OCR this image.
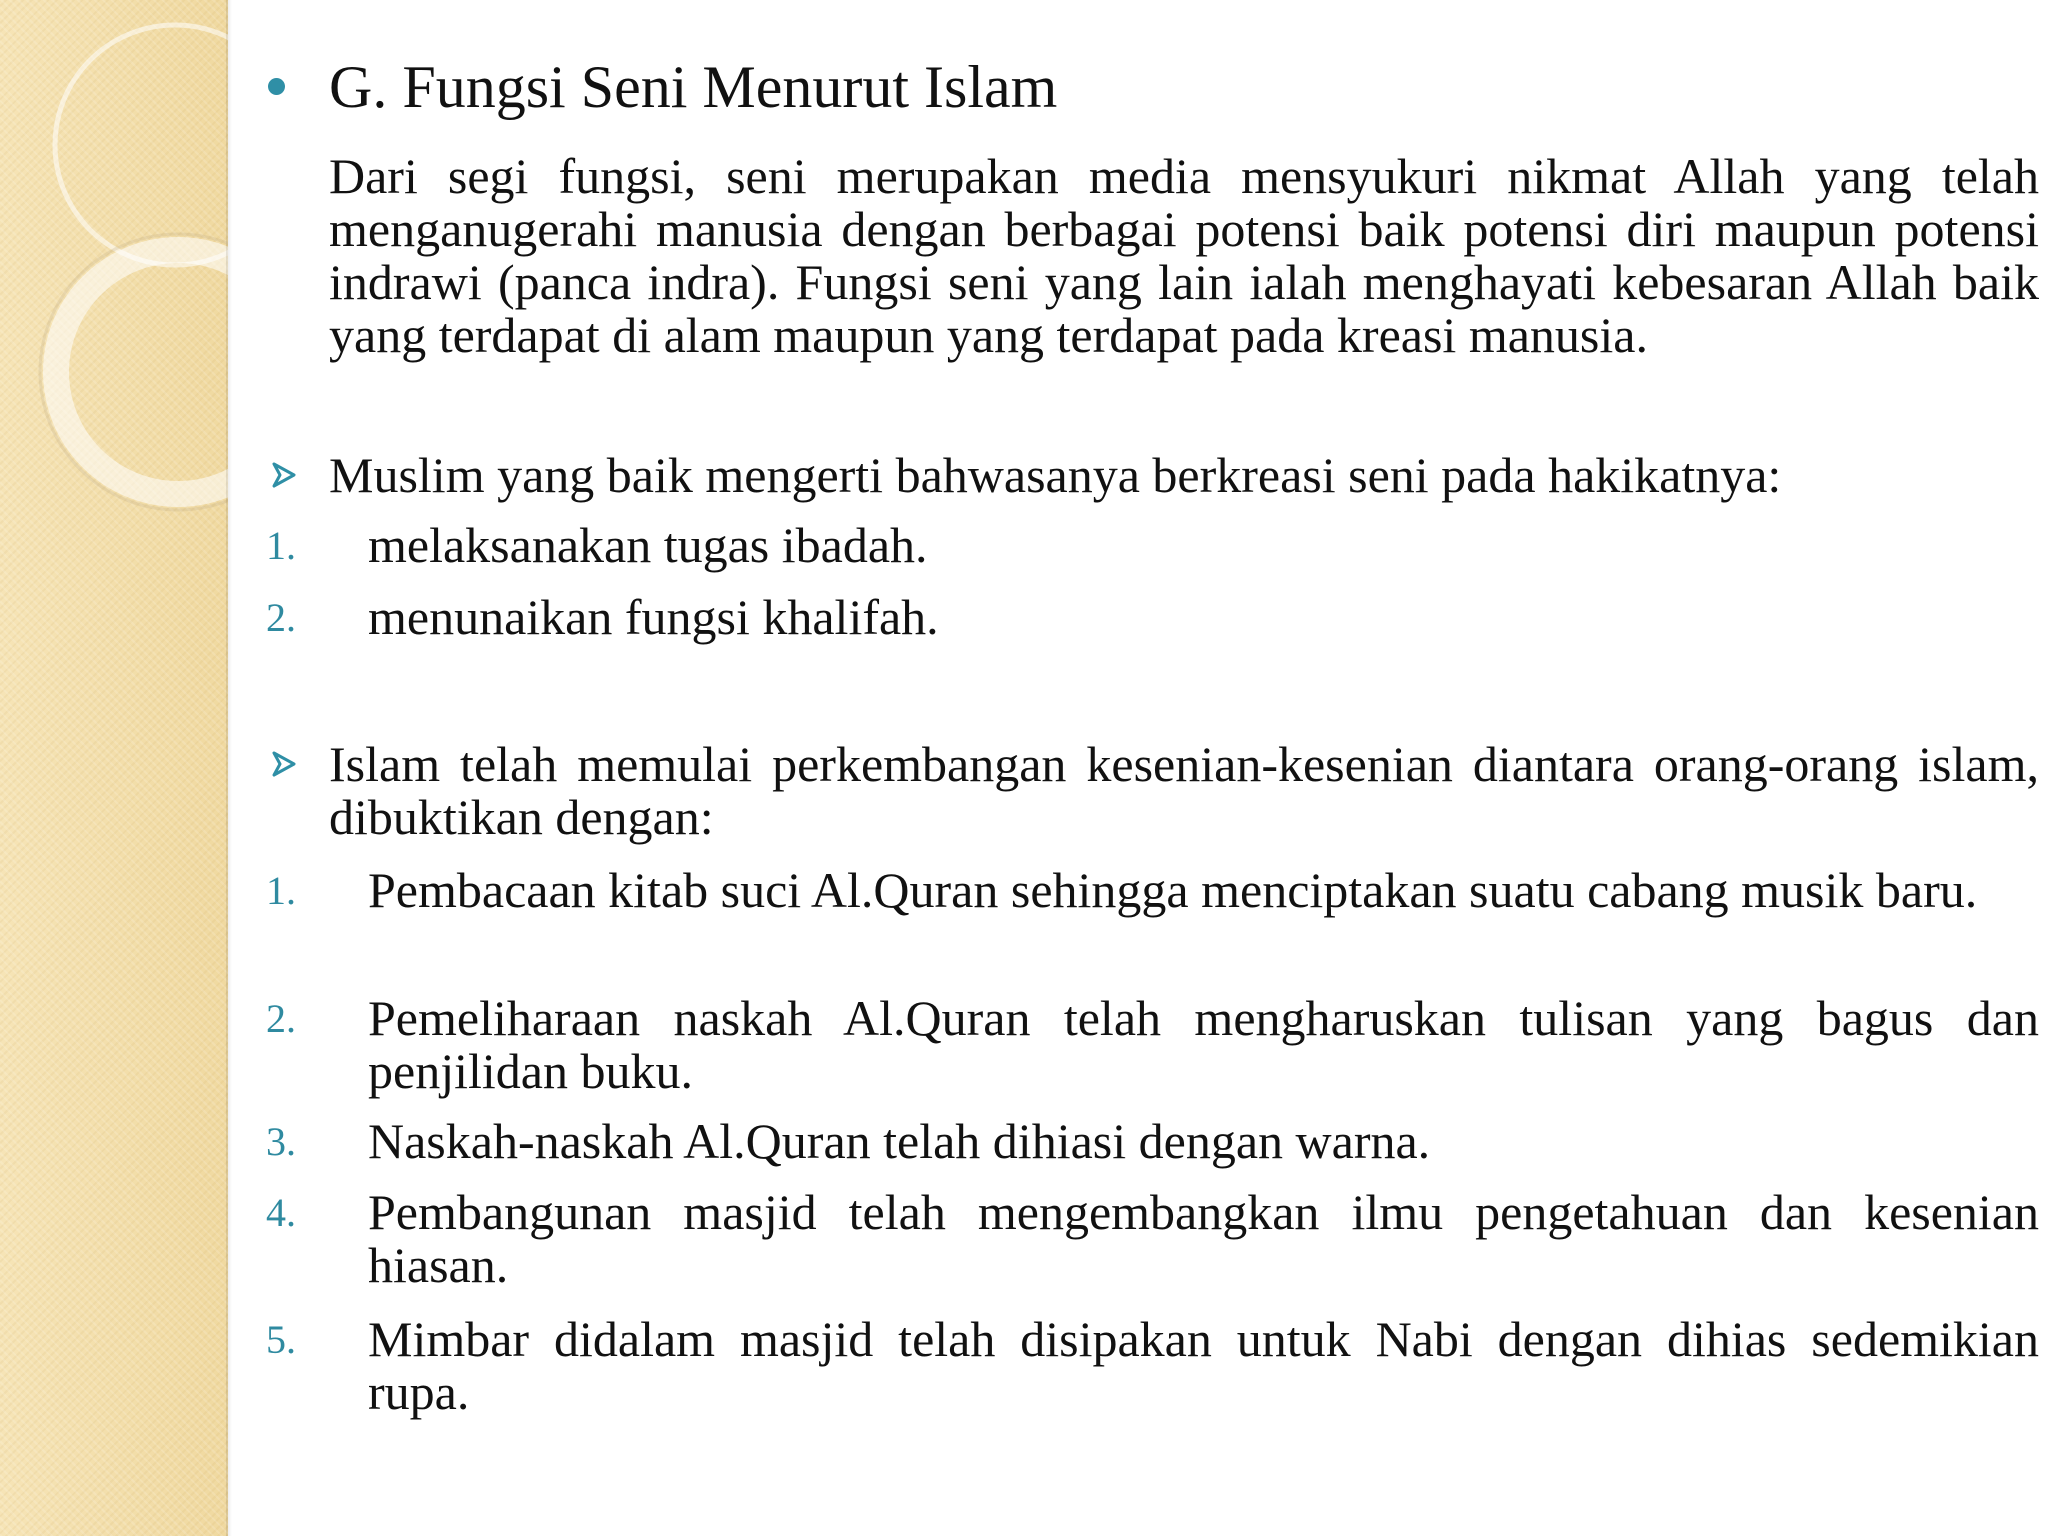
G. Fungsi Seni Menurut Islam

Dari segi fungsi, seni merupakan media mensyukuri nikmat Allah yang telah menganugerahi manusia dengan berbagai potensi baik potensi diri maupun potensi indrawi (panca indra). Fungsi seni yang lain ialah menghayati kebesaran Allah baik yang terdapat di alam maupun yang terdapat pada kreasi manusia.

Muslim yang baik mengerti bahwasanya berkreasi seni pada hakikatnya:

1.	melaksanakan tugas ibadah.

2.	menunaikan fungsi khalifah.

Islam telah memulai perkembangan kesenian-kesenian diantara orang-orang islam, dibuktikan dengan:

1.	Pembacaan kitab suci Al.Quran sehingga menciptakan suatu cabang musik baru.

2.	Pemeliharaan naskah Al.Quran telah mengharuskan tulisan yang bagus dan penjilidan buku.

3.	Naskah-naskah Al.Quran telah dihiasi dengan warna.

4.	Pembangunan masjid telah mengembangkan ilmu pengetahuan dan kesenian hiasan.

5.	Mimbar didalam masjid telah disipakan untuk Nabi dengan dihias sedemikian rupa.
